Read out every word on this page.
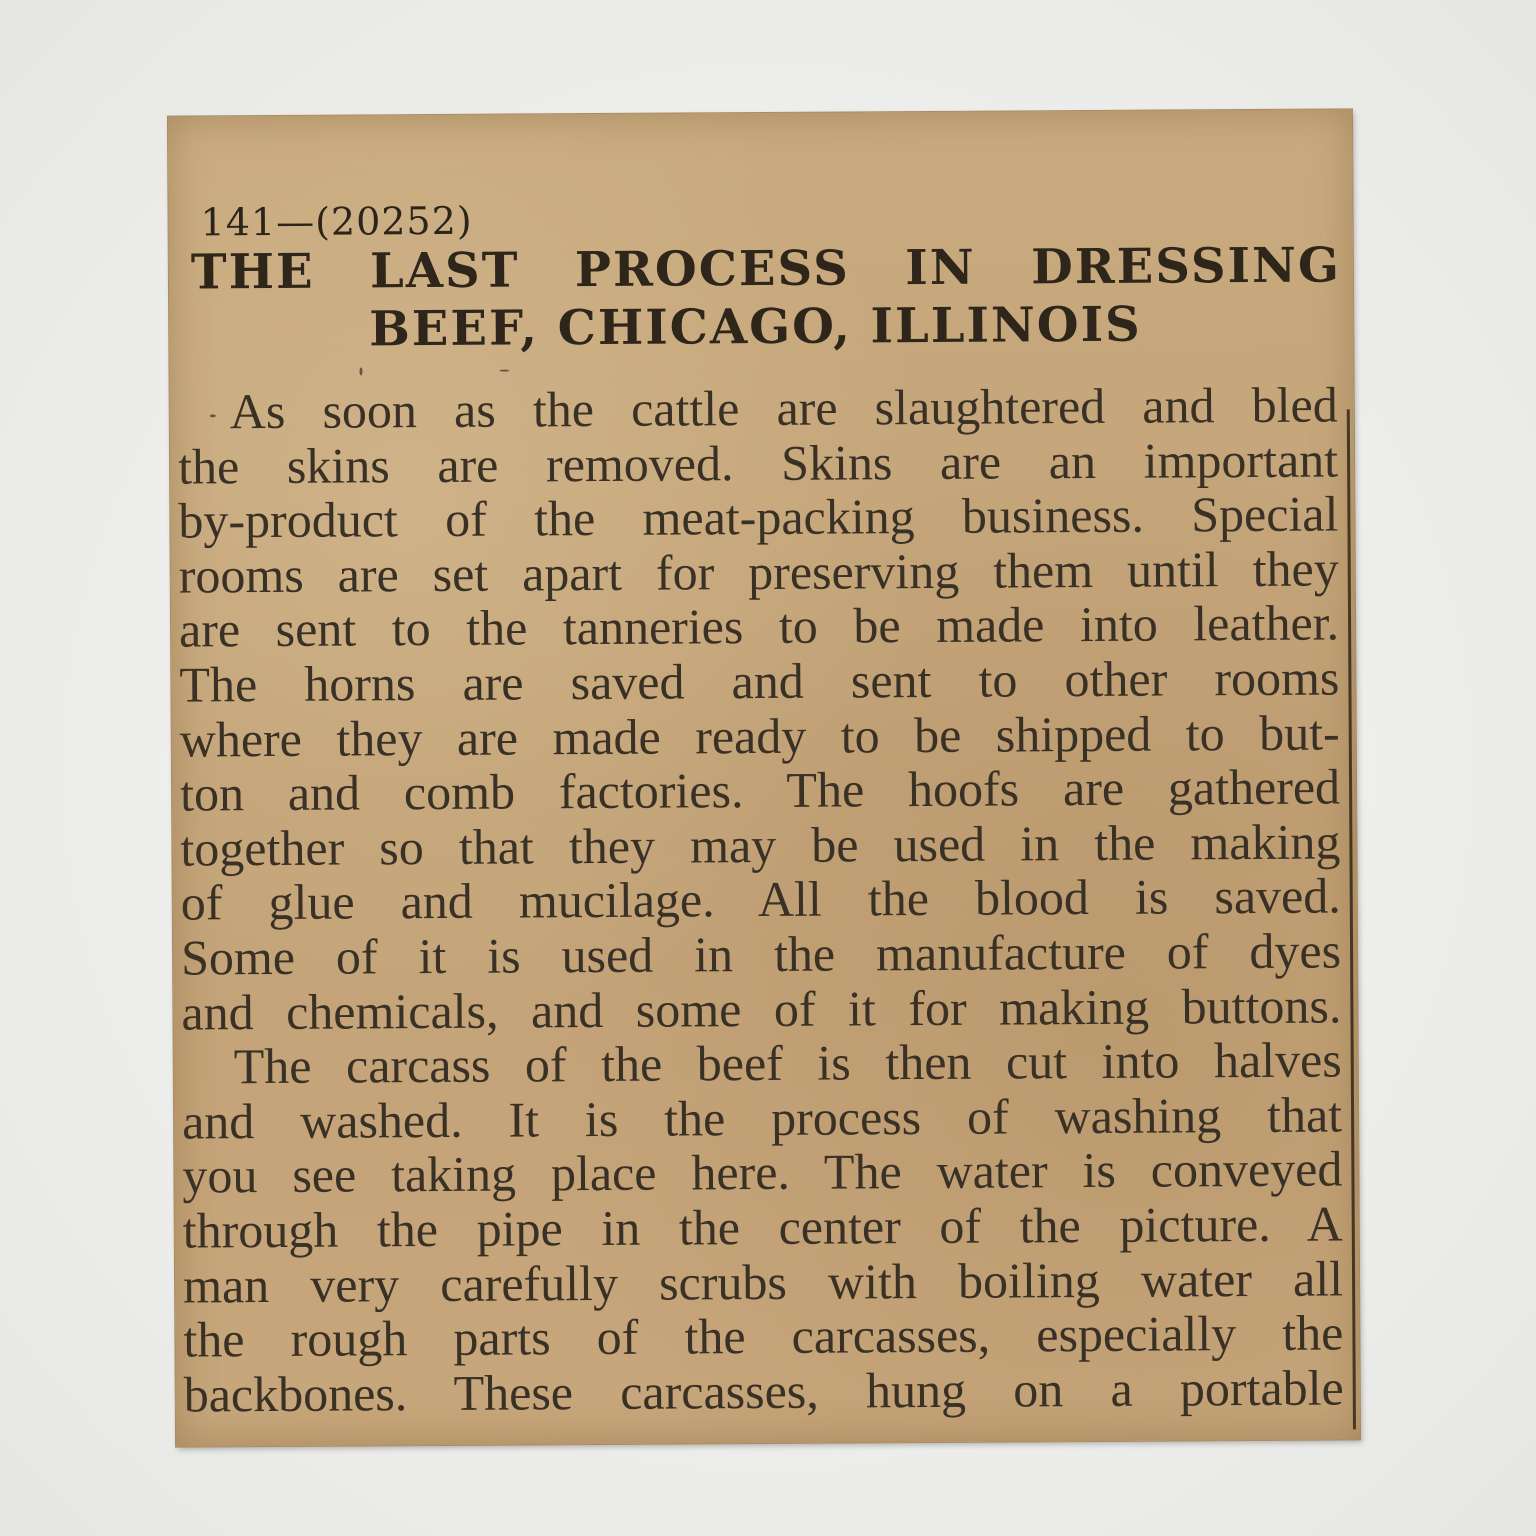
141—(20252)
THE LAST PROCESS IN DRESSING
BEEF, CHICAGO, ILLINOIS
As soon as the cattle are slaughtered and bled
the skins are removed. Skins are an important
by-product of the meat-packing business. Special
rooms are set apart for preserving them until they
are sent to the tanneries to be made into leather.
The horns are saved and sent to other rooms
where they are made ready to be shipped to but-
ton and comb factories. The hoofs are gathered
together so that they may be used in the making
of glue and mucilage. All the blood is saved.
Some of it is used in the manufacture of dyes
and chemicals, and some of it for making buttons.
The carcass of the beef is then cut into halves
and washed. It is the process of washing that
you see taking place here. The water is conveyed
through the pipe in the center of the picture. A
man very carefully scrubs with boiling water all
the rough parts of the carcasses, especially the
backbones. These carcasses, hung on a portable
